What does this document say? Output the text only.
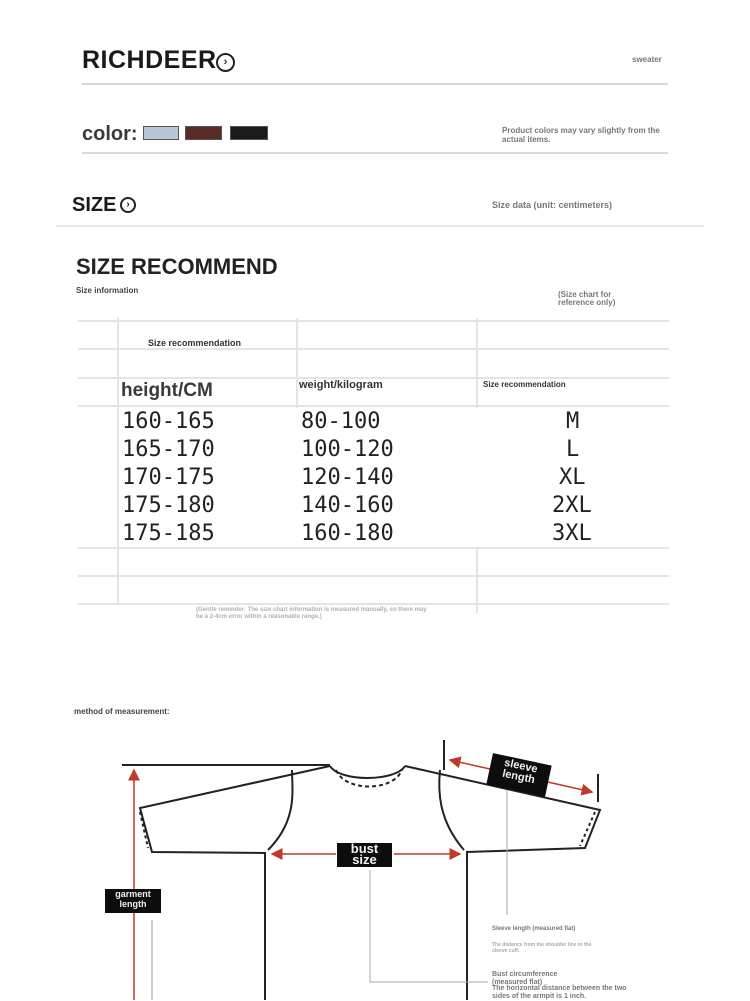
RICHDEER ›	sweater
color:	Product colors may vary slightly from the actual items.
SIZE ›	Size data (unit: centimeters)
SIZE RECOMMEND
Size information	(Size chart for reference only)
Size recommendation
height/CM	weight/kilogram	Size recommendation
160-165	80-100	M
165-170	100-120	L
170-175	120-140	XL
175-180	140-160	2XL
175-185	160-180	3XL
(Gentle reminder: The size chart information is measured manually, so there may be a 2-4cm error within a reasonable range.)
method of measurement:
bust size
sleeve length
garment length
Sleeve length (measured flat)
The distance from the shoulder line to the sleeve cuff.
Bust circumference (measured flat)
The horizontal distance between the two sides of the armpit is 1 inch.
